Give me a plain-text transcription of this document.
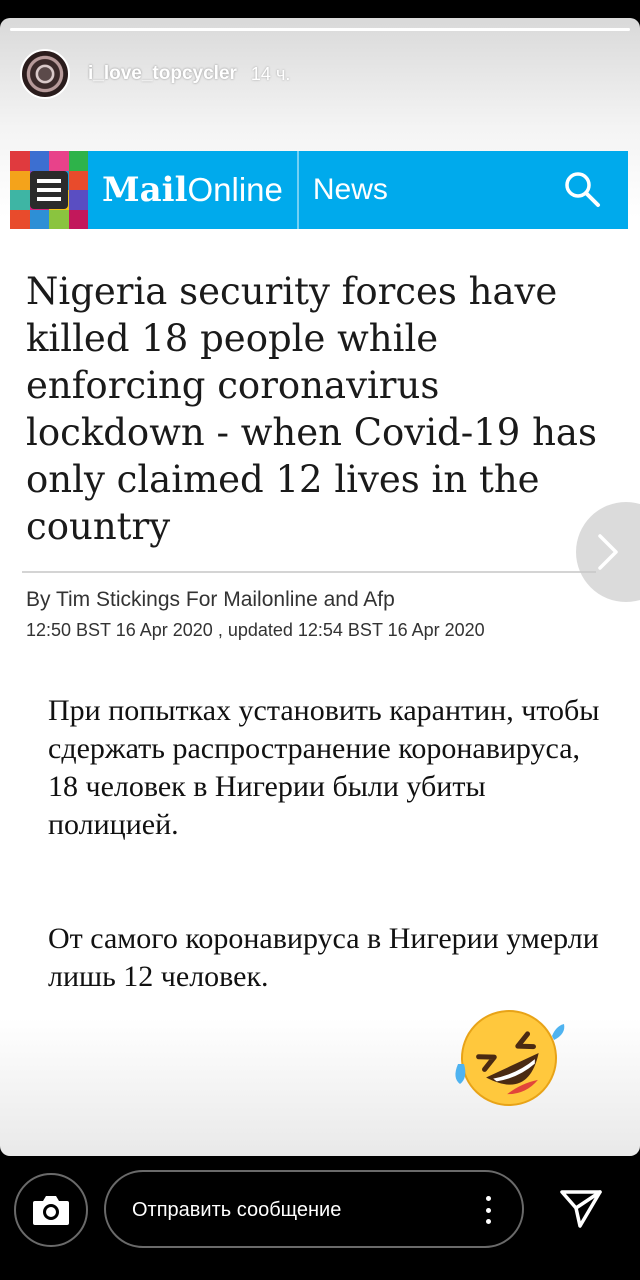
i_love_topcycler 14 ч.
Mail Online News
Nigeria security forces have killed 18 people while enforcing coronavirus lockdown - when Covid-19 has only claimed 12 lives in the country
By Tim Stickings For Mailonline and Afp
12:50 BST 16 Apr 2020 , updated 12:54 BST 16 Apr 2020

При попытках установить карантин, чтобы сдержать распространение коронавируса, 18 человек в Нигерии были убиты полицией.

От самого коронавируса в Нигерии умерли лишь 12 человек.

Отправить сообщение
